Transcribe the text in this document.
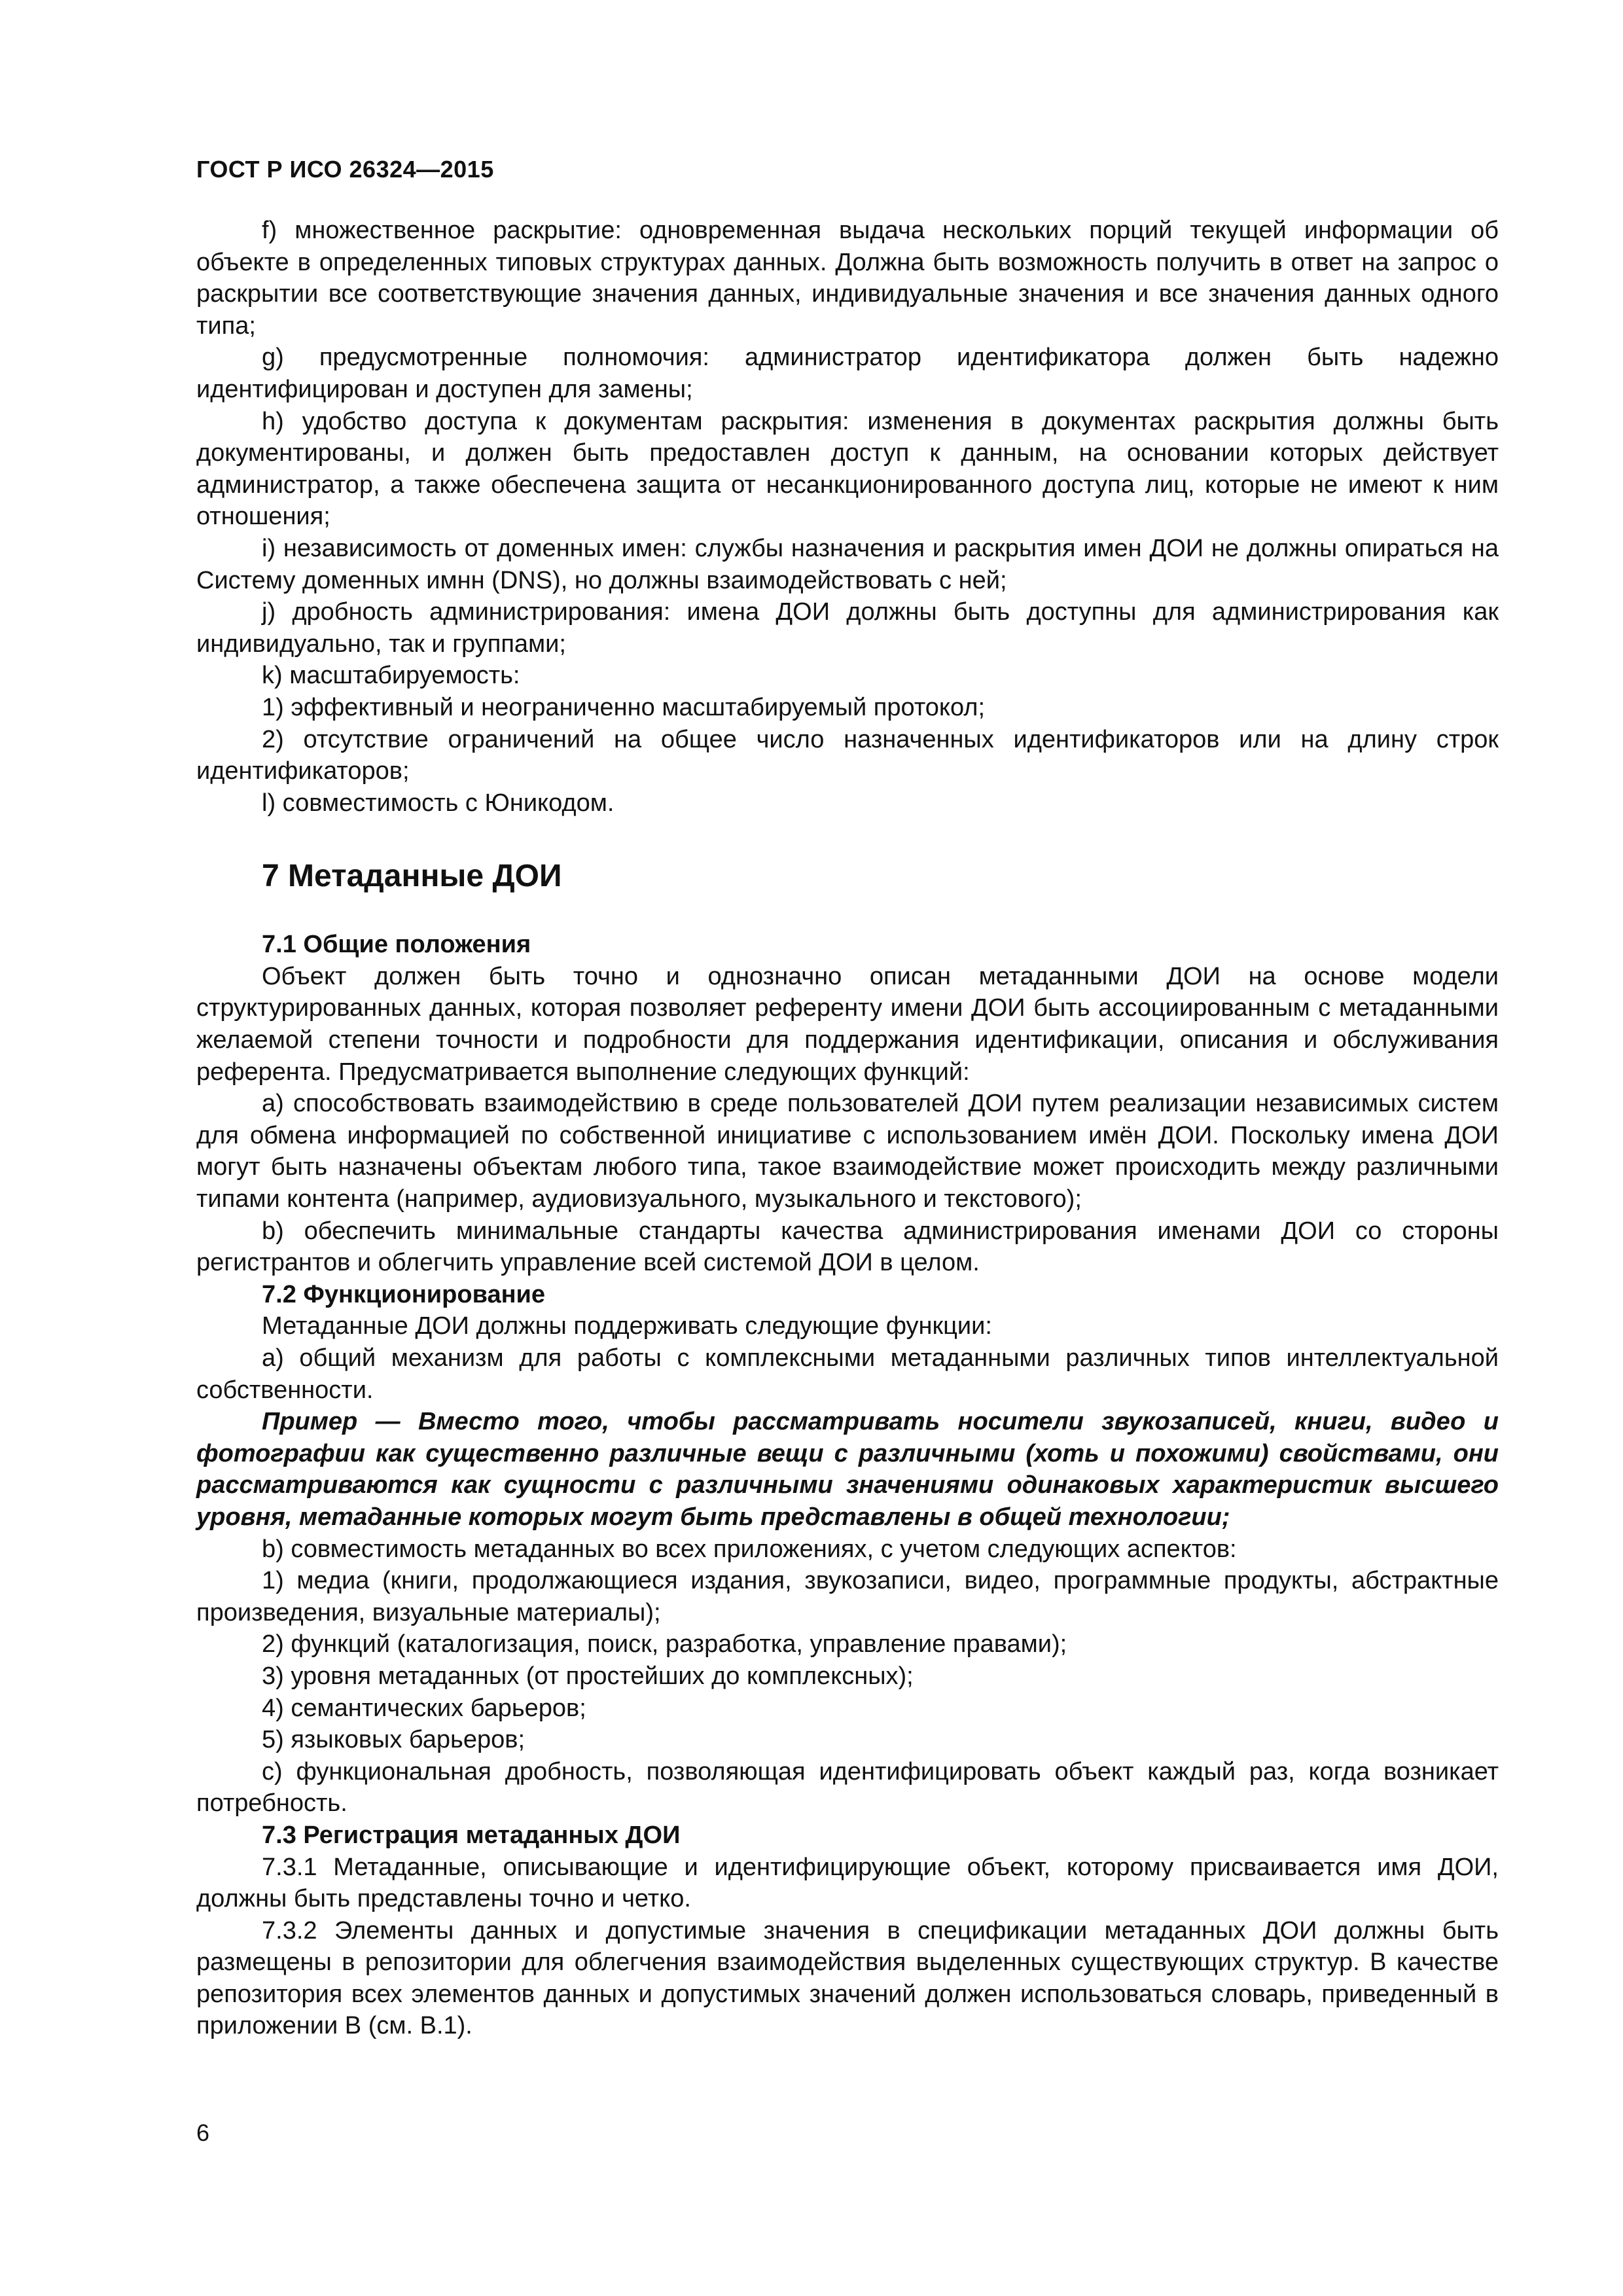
ГОСТ Р ИСО 26324—2015

f) множественное раскрытие: одновременная выдача нескольких порций текущей информации об объекте в определенных типовых структурах данных. Должна быть возможность получить в ответ на запрос о раскрытии все соответствующие значения данных, индивидуальные значения и все значения данных одного типа;

g) предусмотренные полномочия: администратор идентификатора должен быть надежно идентифицирован и доступен для замены;

h) удобство доступа к документам раскрытия: изменения в документах раскрытия должны быть документированы, и должен быть предоставлен доступ к данным, на основании которых действует администратор, а также обеспечена защита от несанкционированного доступа лиц, которые не имеют к ним отношения;

i) независимость от доменных имен: службы назначения и раскрытия имен ДОИ не должны опираться на Систему доменных имнн (DNS), но должны взаимодействовать с ней;

j) дробность администрирования: имена ДОИ должны быть доступны для администрирования как индивидуально, так и группами;

k) масштабируемость:

1) эффективный и неограниченно масштабируемый протокол;

2) отсутствие ограничений на общее число назначенных идентификаторов или на длину строк идентификаторов;

l) совместимость с Юникодом.

7 Метаданные ДОИ
7.1 Общие положения

Объект должен быть точно и однозначно описан метаданными ДОИ на основе модели структурированных данных, которая позволяет референту имени ДОИ быть ассоциированным с метаданными желаемой степени точности и подробности для поддержания идентификации, описания и обслуживания референта. Предусматривается выполнение следующих функций:

а) способствовать взаимодействию в среде пользователей ДОИ путем реализации независимых систем для обмена информацией по собственной инициативе с использованием имён ДОИ. Поскольку имена ДОИ могут быть назначены объектам любого типа, такое взаимодействие может происходить между различными типами контента (например, аудиовизуального, музыкального и текстового);

b) обеспечить минимальные стандарты качества администрирования именами ДОИ со стороны регистрантов и облегчить управление всей системой ДОИ в целом.

7.2 Функционирование

Метаданные ДОИ должны поддерживать следующие функции:

а) общий механизм для работы с комплексными метаданными различных типов интеллектуальной собственности.

Пример — Вместо того, чтобы рассматривать носители звукозаписей, книги, видео и фотографии как существенно различные вещи с различными (хоть и похожими) свойствами, они рассматриваются как сущности с различными значениями одинаковых характеристик высшего уровня, метаданные которых могут быть представлены в общей технологии;

b) совместимость метаданных во всех приложениях, с учетом следующих аспектов:

1) медиа (книги, продолжающиеся издания, звукозаписи, видео, программные продукты, абстрактные произведения, визуальные материалы);

2) функций (каталогизация, поиск, разработка, управление правами);

3) уровня метаданных (от простейших до комплексных);

4) семантических барьеров;

5) языковых барьеров;

с) функциональная дробность, позволяющая идентифицировать объект каждый раз, когда возникает потребность.

7.3 Регистрация метаданных ДОИ

7.3.1 Метаданные, описывающие и идентифицирующие объект, которому присваивается имя ДОИ, должны быть представлены точно и четко.

7.3.2 Элементы данных и допустимые значения в спецификации метаданных ДОИ должны быть размещены в репозитории для облегчения взаимодействия выделенных существующих структур. В качестве репозитория всех элементов данных и допустимых значений должен использоваться словарь, приведенный в приложении В (см. В.1).

6
